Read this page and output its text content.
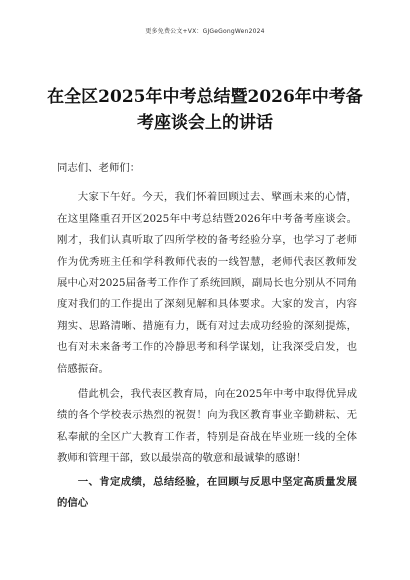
更多免费公文+VX：GJGeGongWen2024
在全区2025年中考总结暨2026年中考备考座谈会上的讲话

同志们、老师们：

大家下午好。今天，我们怀着回顾过去、擘画未来的心情，在这里隆重召开区2025年中考总结暨2026年中考备考座谈会。刚才，我们认真听取了四所学校的备考经验分享，也学习了老师作为优秀班主任和学科教师代表的一线智慧，老师代表区教师发展中心对2025届备考工作作了系统回顾，副局长也分别从不同角度对我们的工作提出了深刻见解和具体要求。大家的发言，内容翔实、思路清晰、措施有力，既有对过去成功经验的深刻提炼，也有对未来备考工作的冷静思考和科学谋划，让我深受启发，也倍感振奋。

借此机会，我代表区教育局，向在2025年中考中取得优异成绩的各个学校表示热烈的祝贺！向为我区教育事业辛勤耕耘、无私奉献的全区广大教育工作者，特别是奋战在毕业班一线的全体教师和管理干部，致以最崇高的敬意和最诚挚的感谢！

一、肯定成绩，总结经验，在回顾与反思中坚定高质量发展的信心
